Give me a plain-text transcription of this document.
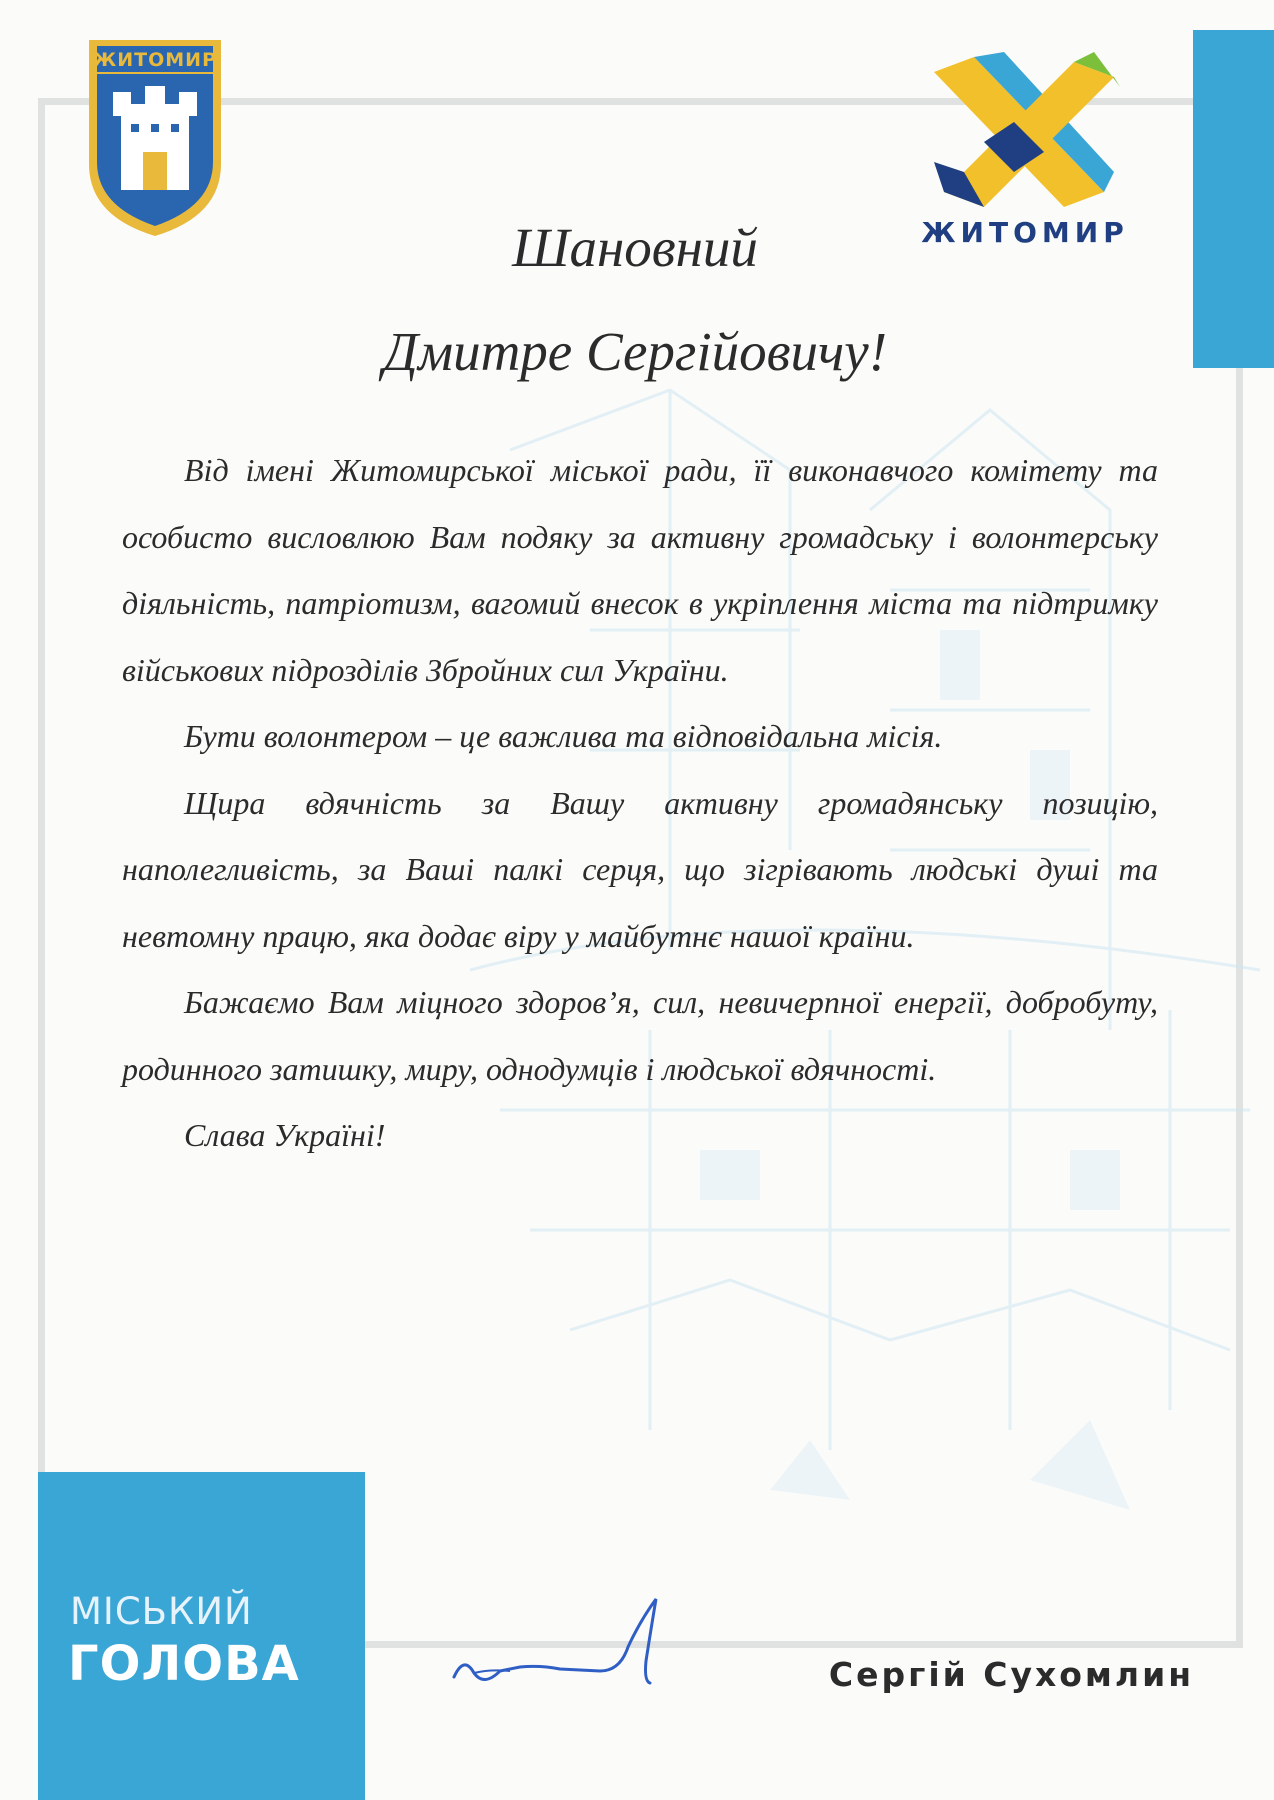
ЖИТОМИР
ЖИТОМИР
Шановний
Дмитре Сергійовичу!

Від імені Житомирської міської ради, її виконавчого комітету та особисто висловлюю Вам подяку за активну громадську і волонтерську діяльність, патріотизм, вагомий внесок в укріплення міста та підтримку військових підрозділів Збройних сил України.

Бути волонтером – це важлива та відповідальна місія.

Щира вдячність за Вашу активну громадянську позицію, наполегливість, за Ваші палкі серця, що зігрівають людські душі та невтомну працю, яка додає віру у майбутнє нашої країни.

Бажаємо Вам міцного здоров’я, сил, невичерпної енергії, добробуту, родинного затишку, миру, однодумців і людської вдячності.

Слава Україні!

МІСЬКИЙ
ГОЛОВА	Сергій Сухомлин
